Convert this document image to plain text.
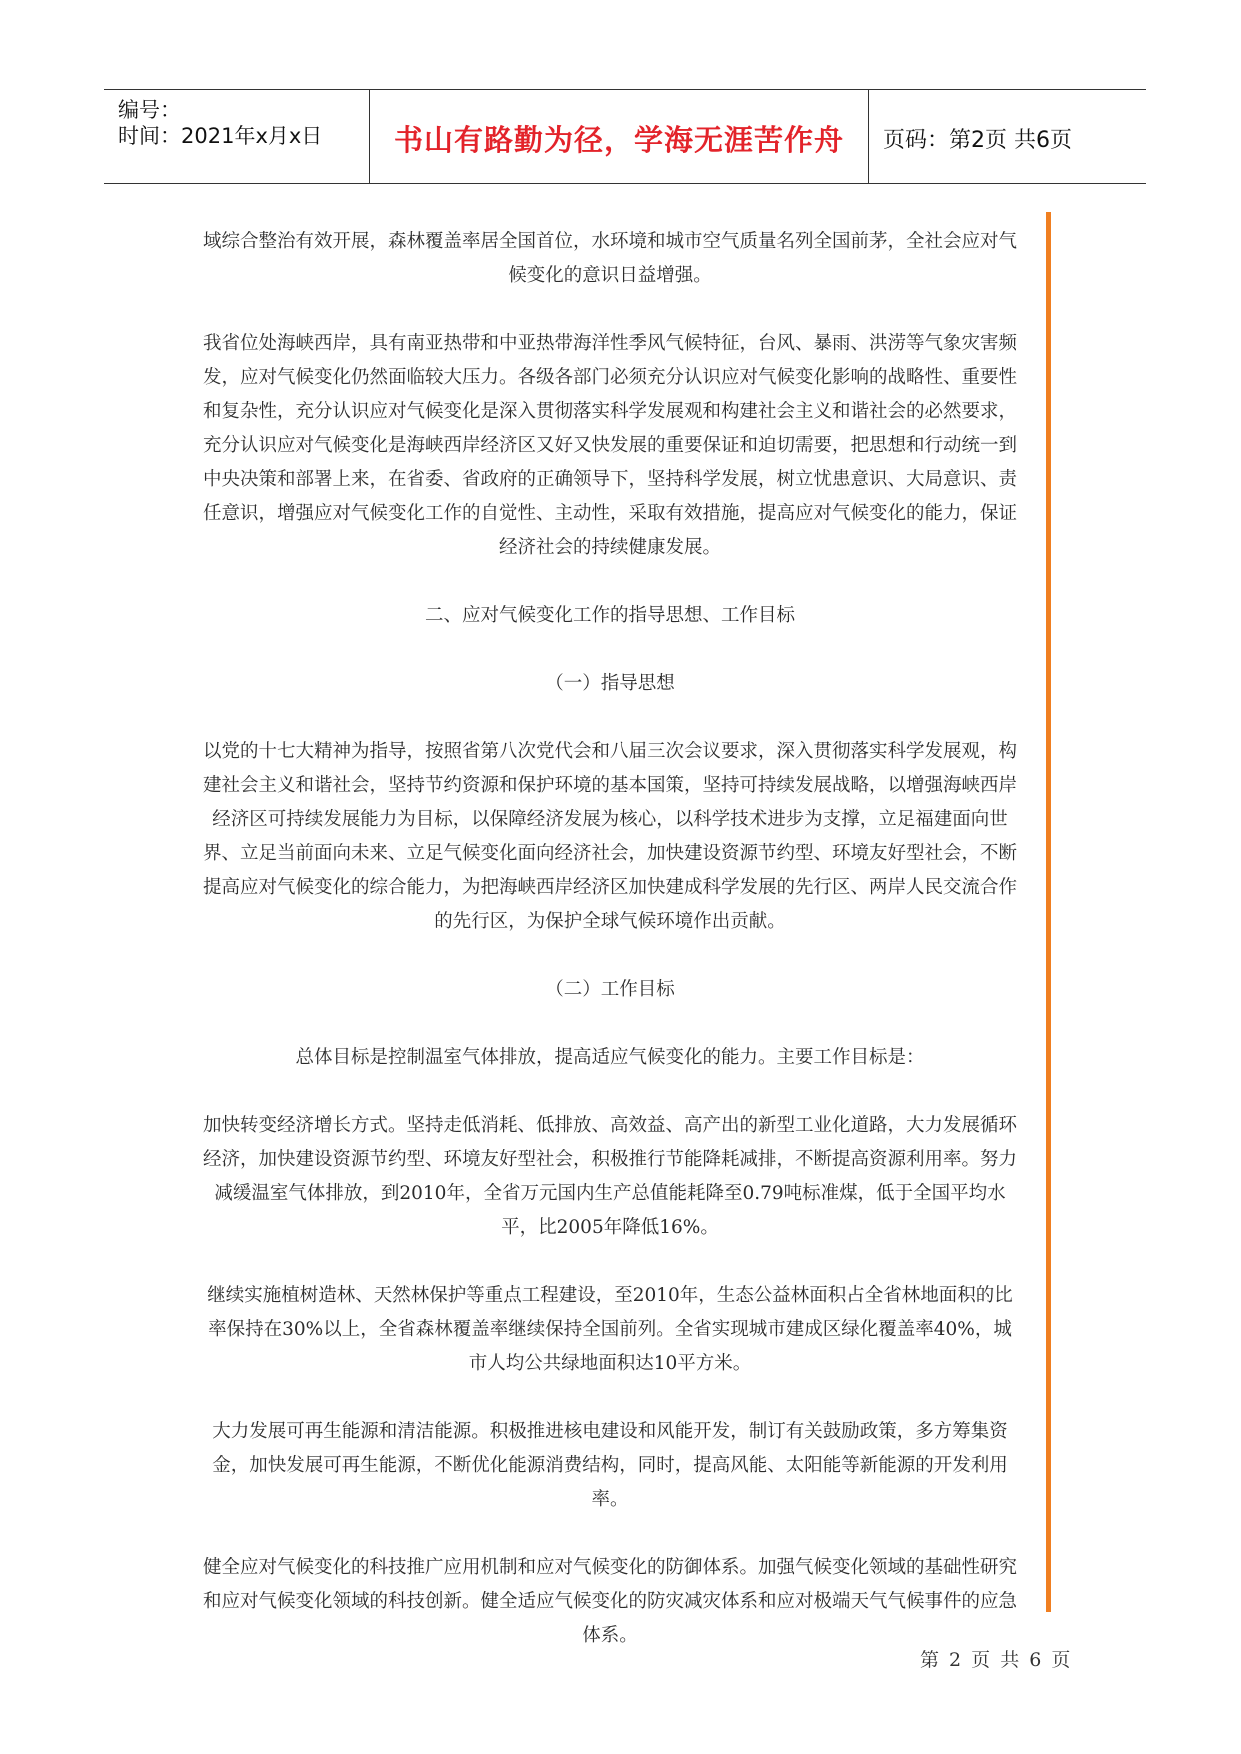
编号：
时间：2021年x月x日	书山有路勤为径，学海无涯苦作舟	页码：第2页 共6页

域综合整治有效开展，森林覆盖率居全国首位，水环境和城市空气质量名列全国前茅，全社会应对气候变化的意识日益增强。

我省位处海峡西岸，具有南亚热带和中亚热带海洋性季风气候特征，台风、暴雨、洪涝等气象灾害频发，应对气候变化仍然面临较大压力。各级各部门必须充分认识应对气候变化影响的战略性、重要性和复杂性，充分认识应对气候变化是深入贯彻落实科学发展观和构建社会主义和谐社会的必然要求，充分认识应对气候变化是海峡西岸经济区又好又快发展的重要保证和迫切需要，把思想和行动统一到中央决策和部署上来，在省委、省政府的正确领导下，坚持科学发展，树立忧患意识、大局意识、责任意识，增强应对气候变化工作的自觉性、主动性，采取有效措施，提高应对气候变化的能力，保证经济社会的持续健康发展。

二、应对气候变化工作的指导思想、工作目标

（一）指导思想

以党的十七大精神为指导，按照省第八次党代会和八届三次会议要求，深入贯彻落实科学发展观，构建社会主义和谐社会，坚持节约资源和保护环境的基本国策，坚持可持续发展战略，以增强海峡西岸经济区可持续发展能力为目标，以保障经济发展为核心，以科学技术进步为支撑，立足福建面向世界、立足当前面向未来、立足气候变化面向经济社会，加快建设资源节约型、环境友好型社会，不断提高应对气候变化的综合能力，为把海峡西岸经济区加快建成科学发展的先行区、两岸人民交流合作的先行区，为保护全球气候环境作出贡献。

（二）工作目标

总体目标是控制温室气体排放，提高适应气候变化的能力。主要工作目标是：

加快转变经济增长方式。坚持走低消耗、低排放、高效益、高产出的新型工业化道路，大力发展循环经济，加快建设资源节约型、环境友好型社会，积极推行节能降耗减排，不断提高资源利用率。努力减缓温室气体排放，到2010年，全省万元国内生产总值能耗降至0.79吨标准煤，低于全国平均水平，比2005年降低16%。

继续实施植树造林、天然林保护等重点工程建设，至2010年，生态公益林面积占全省林地面积的比率保持在30%以上，全省森林覆盖率继续保持全国前列。全省实现城市建成区绿化覆盖率40%，城市人均公共绿地面积达10平方米。

大力发展可再生能源和清洁能源。积极推进核电建设和风能开发，制订有关鼓励政策，多方筹集资金，加快发展可再生能源，不断优化能源消费结构，同时，提高风能、太阳能等新能源的开发利用率。

健全应对气候变化的科技推广应用机制和应对气候变化的防御体系。加强气候变化领域的基础性研究和应对气候变化领域的科技创新。健全适应气候变化的防灾减灾体系和应对极端天气气候事件的应急体系。

第 2 页 共 6 页
